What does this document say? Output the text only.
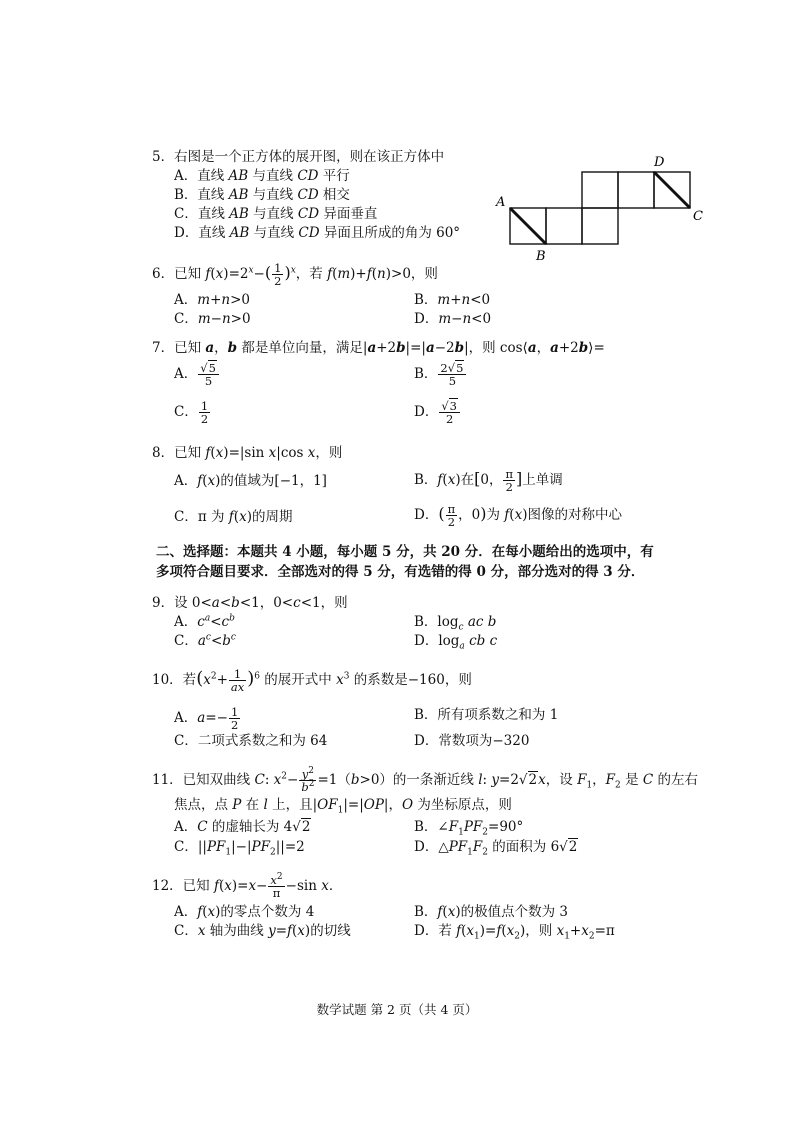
5．右图是一个正方体的展开图，则在该正方体中
A．直线 AB 与直线 CD 平行
B．直线 AB 与直线 CD 相交
C．直线 AB 与直线 CD 异面垂直
D．直线 AB 与直线 CD 异面且所成的角为 60°
A
B
C
D
6．已知 $f(x)=2^x-( \frac{1}{2} )^x$，若 f(m)+f(n)>0，则
A．m+n>0	B．m+n<0
C．m−n>0	D．m−n<0
7．已知 a，b 都是单位向量，满足|a+2b|=|a−2b|，则 cos⟨a，a+2b⟩=
A． $\frac{√5}{5}$	B． $\frac{2√5}{5}$
C． $\frac{1}{2}$	D． $\frac{√3}{2}$
8．已知 f(x)=|sin x|cos x，则
A．f(x)的值域为[−1，1]	B．f(x)在[0， $\frac{\pi}{2}$ ]上单调
C．π 为 f(x)的周期	D．( $\frac{\pi}{2}$ ，0)为 f(x)图像的对称中心
二、选择题：本题共 4 小题，每小题 5 分，共 20 分．在每小题给出的选项中，有多项符合题目要求．全部选对的得 5 分，有选错的得 0 分，部分选对的得 3 分．
9．设 0<a<b<1，0<c<1，则
A．$c^a<c^b$	B．$\log_c$ ac b
C．$a^c<b^c$	D．$\log_a$ cb c
10．若$(x^2+ \frac{1}{ax} )^6$ 的展开式中 $x^3$ 的系数是−160，则
A．$a=- \frac{1}{2}$	B．所有项系数之和为 1
C．二项式系数之和为 64	D．常数项为−320
11．已知双曲线 C: $x^2- \frac{y^2}{b^2} =1(b>0)$的一条渐近线 l: y=2√2x，设 $F_1$，$F_2$ 是 C 的左右
焦点，点 P 在 l 上，且$|OF_1|=|OP|$，O 为坐标原点，则
A．C 的虚轴长为 4√2	B．$\angle F_1PF_2=90^\circ$
C．$||PF_1|-|PF_2||=2$	D．$\triangle PF_1F_2$ 的面积为 6√2
12．已知 $f(x)=x- \frac{x^2}{\pi} -\sin$ x．
A．f(x)的零点个数为 4	B．f(x)的极值点个数为 3
C．x 轴为曲线 y=f(x)的切线	D．若 $f(x_1)=f(x_2)$，则 $x_1+x_2=\pi$
数学试题 第 2 页（共 4 页）
